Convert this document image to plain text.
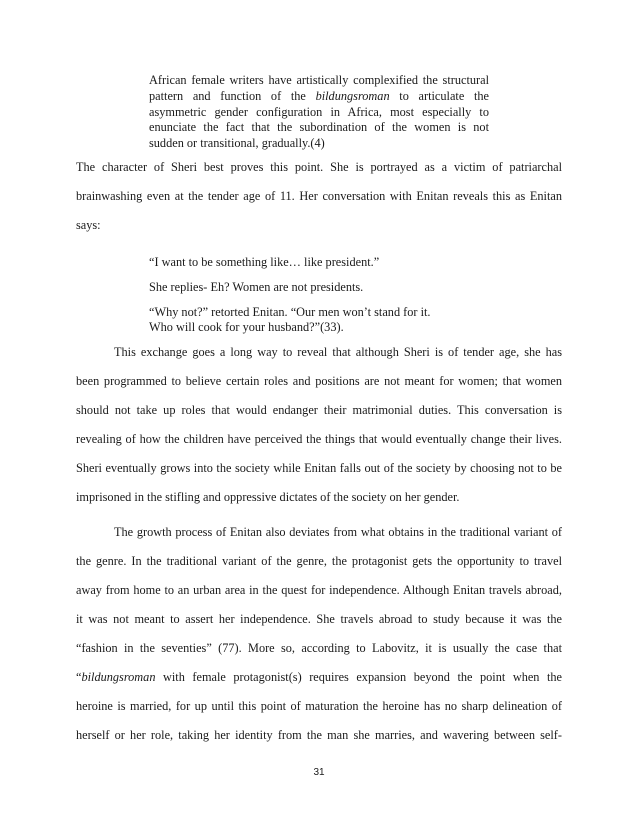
African female writers have artistically complexified the structural
pattern and function of the bildungsroman to articulate the
asymmetric gender configuration in Africa, most especially to
enunciate the fact that the subordination of the women is not
sudden or transitional, gradually.(4)
The character of Sheri best proves this point. She is portrayed as a victim of patriarchal
brainwashing even at the tender age of 11. Her conversation with Enitan reveals this as Enitan
says:
“I want to be something like… like president.”
She replies- Eh? Women are not presidents.
“Why not?” retorted Enitan. “Our men won’t stand for it.
Who will cook for your husband?”(33).
This exchange goes a long way to reveal that although Sheri is of tender age, she has
been programmed to believe certain roles and positions are not meant for women; that women
should not take up roles that would endanger their matrimonial duties. This conversation is
revealing of how the children have perceived the things that would eventually change their lives.
Sheri eventually grows into the society while Enitan falls out of the society by choosing not to be
imprisoned in the stifling and oppressive dictates of the society on her gender.
The growth process of Enitan also deviates from what obtains in the traditional variant of
the genre. In the traditional variant of the genre, the protagonist gets the opportunity to travel
away from home to an urban area in the quest for independence. Although Enitan travels abroad,
it was not meant to assert her independence. She travels abroad to study because it was the
“fashion in the seventies” (77). More so, according to Labovitz, it is usually the case that
“bildungsroman with female protagonist(s) requires expansion beyond the point when the
heroine is married, for up until this point of maturation the heroine has no sharp delineation of
herself or her role, taking her identity from the man she marries, and wavering between self-
31
